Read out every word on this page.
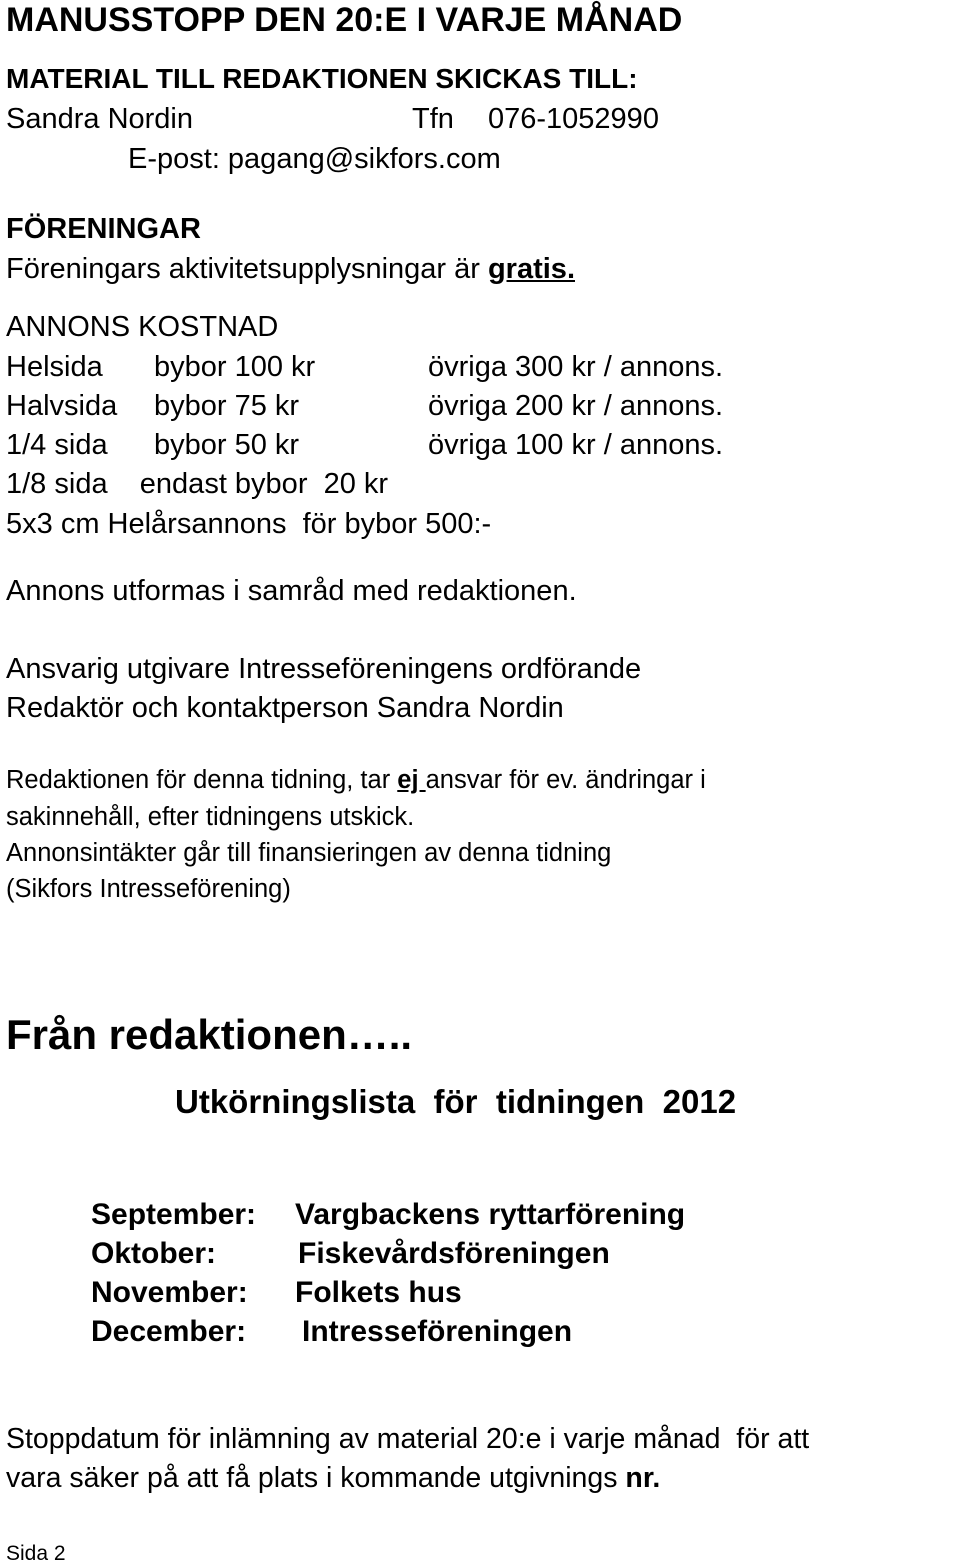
MANUSSTOPP DEN 20:E I VARJE MÅNAD
MATERIAL TILL REDAKTIONEN SKICKAS TILL:
Sandra Nordin	Tfn 076-1052990
E-post: pagang@sikfors.com
FÖRENINGAR
Föreningars aktivitetsupplysningar är gratis.
ANNONS KOSTNAD
Helsida bybor 100 kr	övriga 300 kr / annons.
Halvsida bybor 75 kr	övriga 200 kr / annons.
1/4 sida bybor 50 kr	övriga 100 kr / annons.
1/8 sida    endast bybor  20 kr
5x3 cm Helårsannons  för bybor 500:-
Annons utformas i samråd med redaktionen.
Ansvarig utgivare Intresseföreningens ordförande
Redaktör och kontaktperson Sandra Nordin
Redaktionen för denna tidning, tar ej ansvar för ev. ändringar i
sakinnehåll, efter tidningens utskick.
Annonsintäkter går till finansieringen av denna tidning
(Sikfors Intresseförening)
Från redaktionen…..
Utkörningslista  för  tidningen  2012
September: Vargbackens ryttarförening
Oktober:	Fiskevårdsföreningen
November: Folkets hus
December: Intresseföreningen
Stoppdatum för inlämning av material 20:e i varje månad  för att
vara säker på att få plats i kommande utgivnings nr.
Sida 2
